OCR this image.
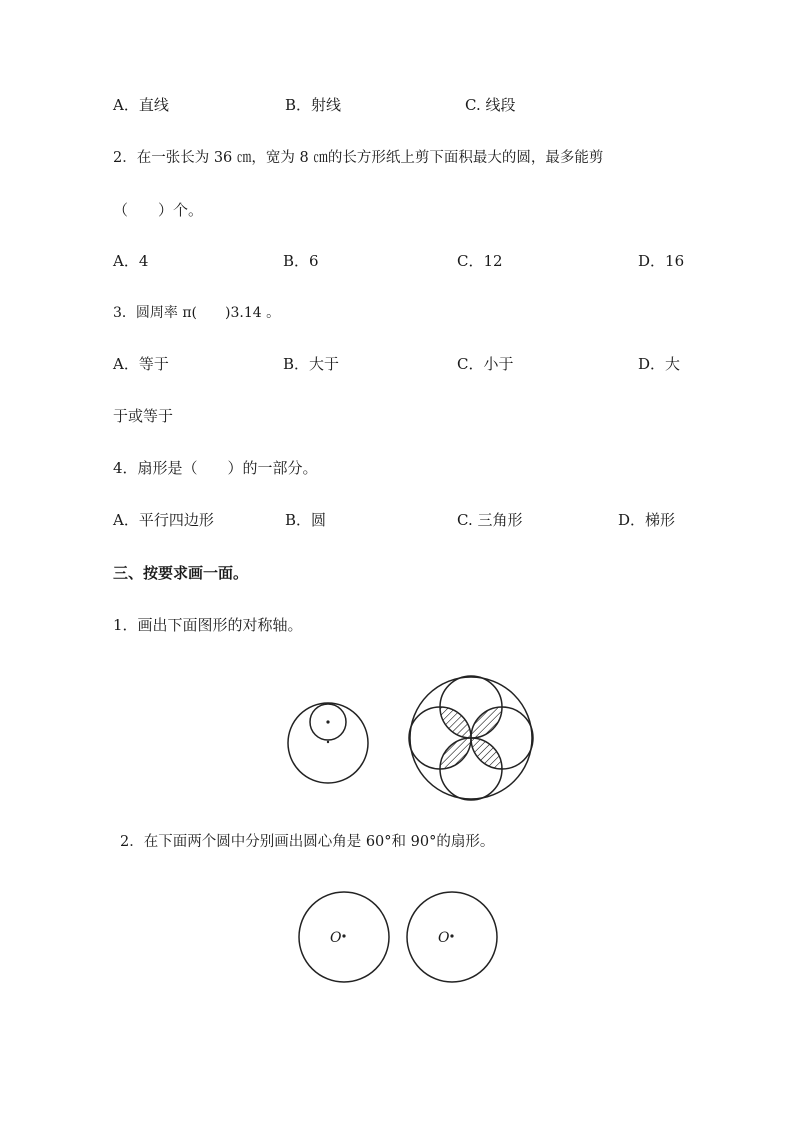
A．直线	B．射线	C. 线段
2．在一张长为 36 ㎝，宽为 8 ㎝的长方形纸上剪下面积最大的圆，最多能剪
（　　）个。
A．4	B．6	C．12	D．16
3．圆周率 π(　　)3.14 。
A．等于	B．大于	C．小于	D．大
于或等于
4．扇形是（　　）的一部分。
A．平行四边形	B．圆	C. 三角形	D．梯形
三、按要求画一面。
1．画出下面图形的对称轴。
2．在下面两个圆中分别画出圆心角是 60°和 90°的扇形。
O	O
